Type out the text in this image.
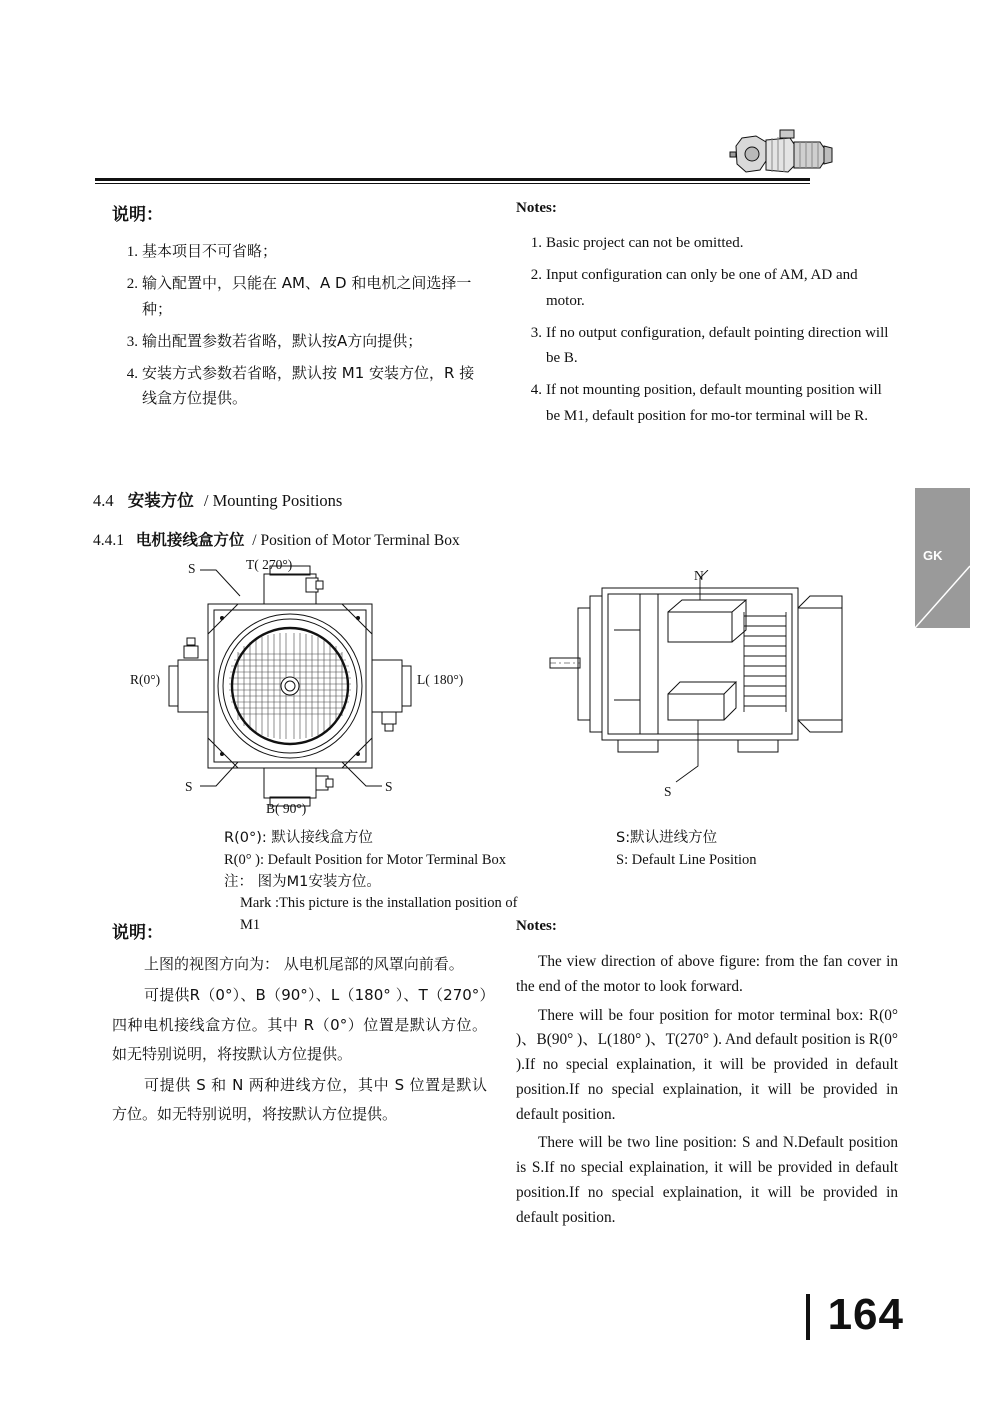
GK
说明：
1. 基本项目不可省略；
2. 输入配置中，只能在 AM、A D 和电机之间选择一种；
3. 输出配置参数若省略，默认按A方向提供；
4. 安装方式参数若省略，默认按 M1 安装方位，R 接线盒方位提供。
Notes:
1. Basic project can not be omitted.
2. Input configuration can only be one of AM, AD and motor.
3. If no output configuration, default pointing direction will be B.
4. If not mounting position, default mounting position will be M1, default position for mo-tor terminal will be R.
4.4 安装方位 / Mounting Positions
4.4.1 电机接线盒方位 / Position of Motor Terminal Box
S	T( 270°)
R(0°)	L( 180°)
S	S
B( 90°)
N
S
R(0°): 默认接线盒方位
R(0° ): Default Position for Motor Terminal Box
注： 图为M1安装方位。
Mark :This picture is the installation position of M1
S:默认进线方位
S: Default Line Position
说明：

上图的视图方向为： 从电机尾部的风罩向前看。

可提供R（0°）、B（90°）、L（180° ）、T（270°）四种电机接线盒方位。其中 R（0°）位置是默认方位。如无特别说明，将按默认方位提供。

可提供 S 和 N 两种进线方位，其中 S 位置是默认方位。如无特别说明，将按默认方位提供。

Notes:

The view direction of above figure: from the fan cover in the end of the motor to look forward.

There will be four position for motor terminal box: R(0° )、B(90° )、L(180° )、T(270° ). And default position is R(0° ).If no special explaination, it will be provided in default position.If no special explaination, it will be provided in default position.

There will be two line position: S and N.Default position is S.If no special explaination, it will be provided in default position.If no special explaination, it will be provided in default position.

164
